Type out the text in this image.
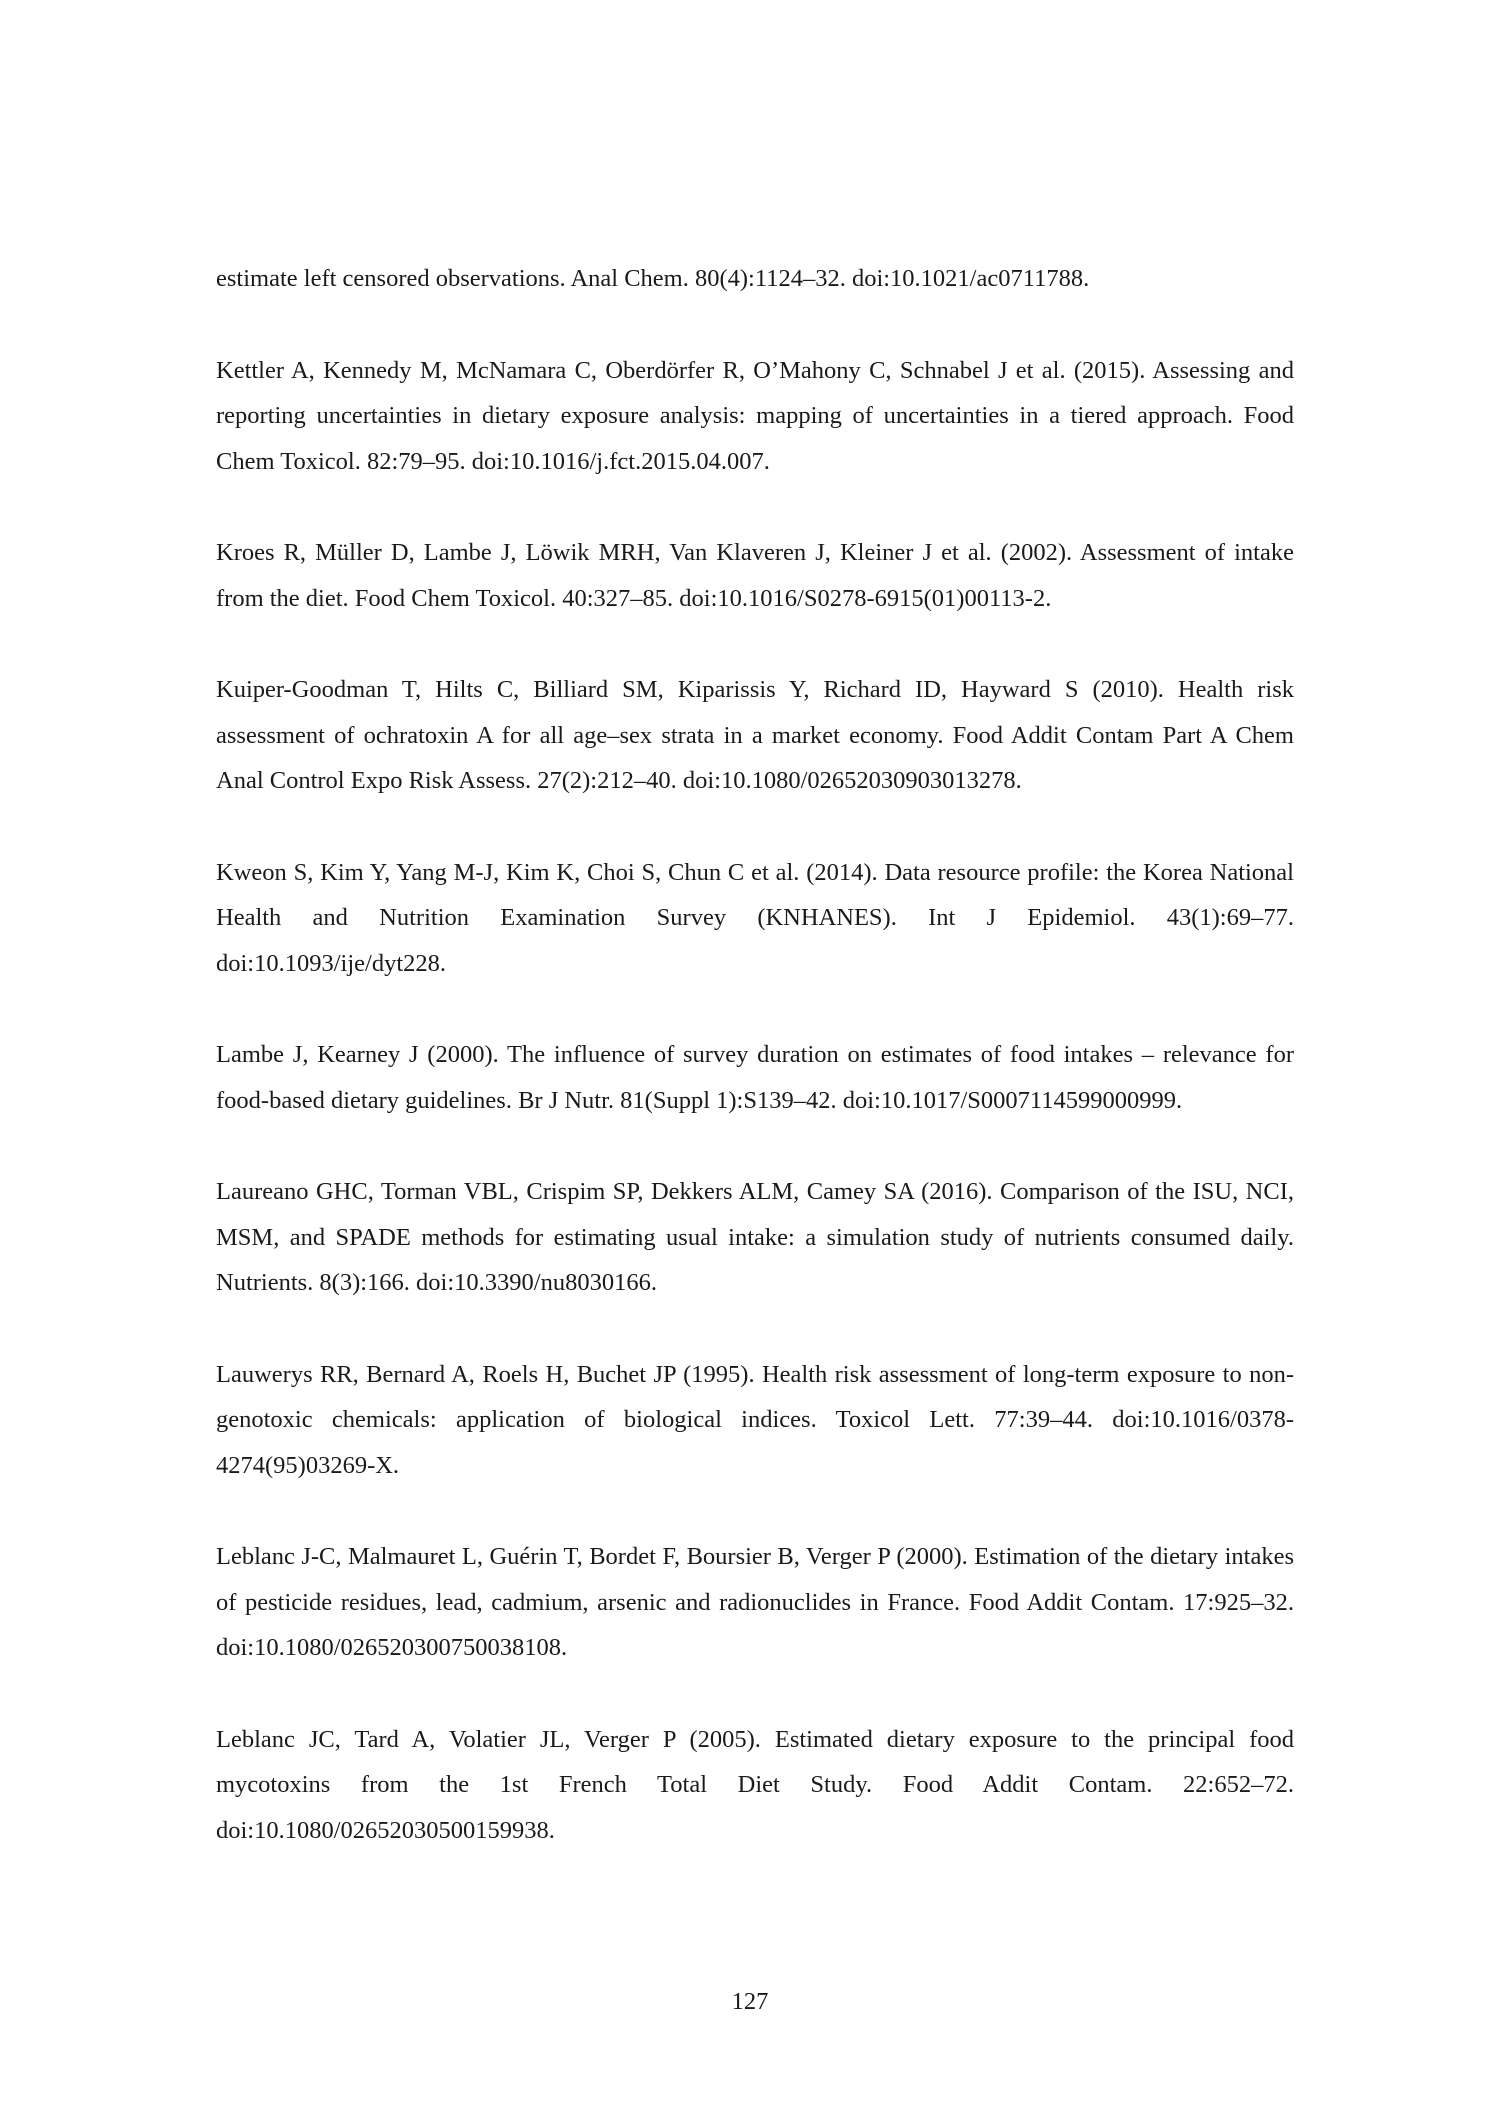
estimate left censored observations. Anal Chem. 80(4):1124–32. doi:10.1021/ac0711788.

Kettler A, Kennedy M, McNamara C, Oberdörfer R, O’Mahony C, Schnabel J et al. (2015). Assessing and reporting uncertainties in dietary exposure analysis: mapping of uncertainties in a tiered approach. Food Chem Toxicol. 82:79–95. doi:10.1016/j.fct.2015.04.007.

Kroes R, Müller D, Lambe J, Löwik MRH, Van Klaveren J, Kleiner J et al. (2002). Assessment of intake from the diet. Food Chem Toxicol. 40:327–85. doi:10.1016/S0278-6915(01)00113-2.

Kuiper-Goodman T, Hilts C, Billiard SM, Kiparissis Y, Richard ID, Hayward S (2010). Health risk assessment of ochratoxin A for all age–sex strata in a market economy. Food Addit Contam Part A Chem Anal Control Expo Risk Assess. 27(2):212–40. doi:10.1080/02652030903013278.

Kweon S, Kim Y, Yang M-J, Kim K, Choi S, Chun C et al. (2014). Data resource profile: the Korea National Health and Nutrition Examination Survey (KNHANES). Int J Epidemiol. 43(1):69–77. doi:10.1093/ije/dyt228.

Lambe J, Kearney J (2000). The influence of survey duration on estimates of food intakes – relevance for food-based dietary guidelines. Br J Nutr. 81(Suppl 1):S139–42. doi:10.1017/S0007114599000999.

Laureano GHC, Torman VBL, Crispim SP, Dekkers ALM, Camey SA (2016). Comparison of the ISU, NCI, MSM, and SPADE methods for estimating usual intake: a simulation study of nutrients consumed daily. Nutrients. 8(3):166. doi:10.3390/nu8030166.

Lauwerys RR, Bernard A, Roels H, Buchet JP (1995). Health risk assessment of long-term exposure to non-genotoxic chemicals: application of biological indices. Toxicol Lett. 77:39–44. doi:10.1016/0378-4274(95)03269-X.

Leblanc J-C, Malmauret L, Guérin T, Bordet F, Boursier B, Verger P (2000). Estimation of the dietary intakes of pesticide residues, lead, cadmium, arsenic and radionuclides in France. Food Addit Contam. 17:925–32. doi:10.1080/026520300750038108.

Leblanc JC, Tard A, Volatier JL, Verger P (2005). Estimated dietary exposure to the principal food mycotoxins from the 1st French Total Diet Study. Food Addit Contam. 22:652–72. doi:10.1080/02652030500159938.

127
